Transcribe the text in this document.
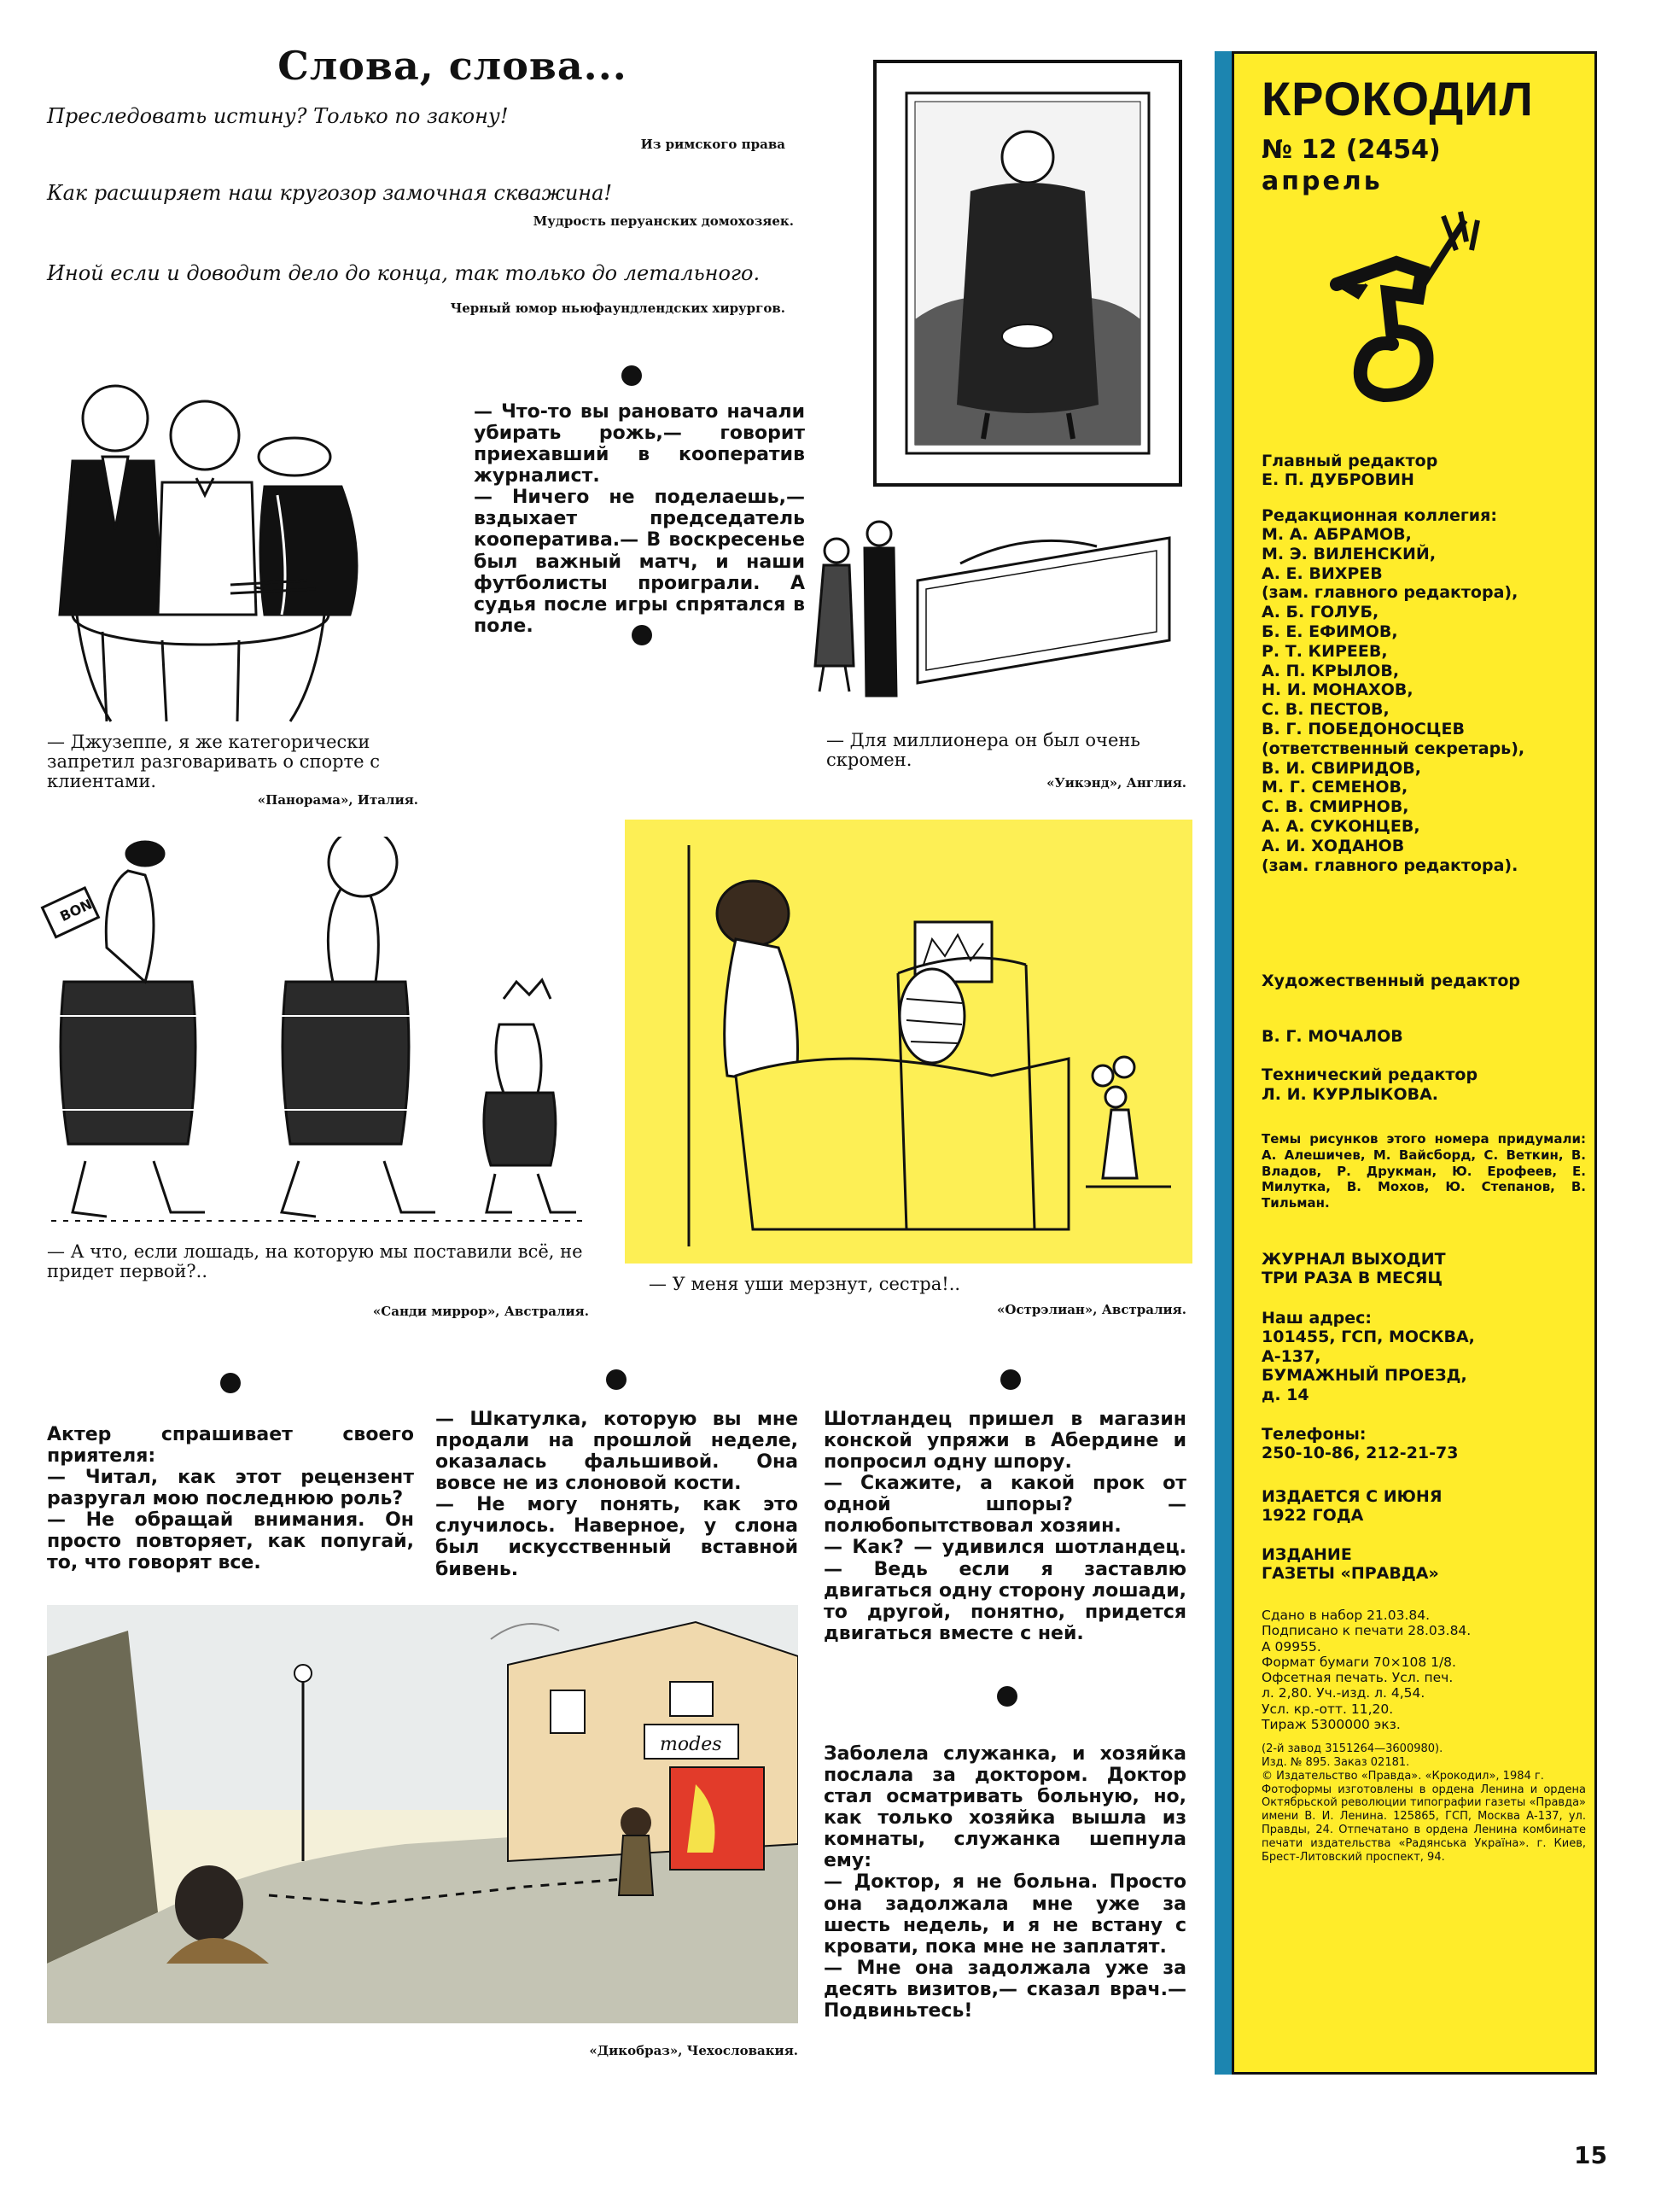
Слова, слова...
Преследовать истину? Только по закону!
Из римского права
Как расширяет наш кругозор замочная скважина!
Мудрость перуанских домохозяек.
Иной если и доводит дело до конца, так только до летального.
Черный юмор ньюфаундлендских хирургов.
— Джузеппе, я же категорически запретил разговаривать о спорте с клиентами.
«Панорама», Италия.
— Что-то вы рановато начали убирать рожь,— говорит приехавший в кооператив журналист.
— Ничего не поделаешь,— вздыхает председатель кооператива.— В воскресенье был важный матч, и наши футболисты проиграли. А судья после игры спрятался в поле.
— Для миллионера он был очень скромен.
«Уикэнд», Англия.
BON
— А что, если лошадь, на которую мы поставили всё, не придет первой?..
«Санди миррор», Австралия.
— У меня уши мерзнут, сестра!..
«Острэлиан», Австралия.
Актер спрашивает своего приятеля:
— Читал, как этот рецензент разругал мою последнюю роль?
— Не обращай внимания. Он просто повторяет, как попугай, то, что говорят все.
— Шкатулка, которую вы мне продали на прошлой неделе, оказалась фальшивой. Она вовсе не из слоновой кости.
— Не могу понять, как это случилось. Наверное, у слона был искусственный вставной бивень.
Шотландец пришел в магазин конской упряжи в Абердине и попросил одну шпору.
— Скажите, а какой прок от одной шпоры? — полюбопытствовал хозяин.
— Как? — удивился шотландец.— Ведь если я заставлю двигаться одну сторону лошади, то другой, понятно, придется двигаться вместе с ней.
modes
«Дикобраз», Чехословакия.
Заболела служанка, и хозяйка послала за доктором. Доктор стал осматривать больную, но, как только хозяйка вышла из комнаты, служанка шепнула ему:
— Доктор, я не больна. Просто она задолжала мне уже за шесть недель, и я не встану с кровати, пока мне не заплатят.
— Мне она задолжала уже за десять визитов,— сказал врач.— Подвиньтесь!
КРОКОДИЛ
№ 12 (2454)
апрель
Главный редактор
Е. П. ДУБРОВИН
Редакционная коллегия:
М. А. АБРАМОВ,
М. Э. ВИЛЕНСКИЙ,
А. Е. ВИХРЕВ
(зам. главного редактора),
А. Б. ГОЛУБ,
Б. Е. ЕФИМОВ,
Р. Т. КИРЕЕВ,
А. П. КРЫЛОВ,
Н. И. МОНАХОВ,
С. В. ПЕСТОВ,
В. Г. ПОБЕДОНОСЦЕВ
(ответственный секретарь),
В. И. СВИРИДОВ,
М. Г. СЕМЕНОВ,
С. В. СМИРНОВ,
А. А. СУКОНЦЕВ,
А. И. ХОДАНОВ
(зам. главного редактора).
Художественный редактор
В. Г. МОЧАЛОВ
Технический редактор
Л. И. КУРЛЫКОВА.
Темы рисунков этого номера придумали: А. Алешичев, М. Вайсборд, С. Веткин, В. Владов, Р. Друкман, Ю. Ерофеев, Е. Милутка, В. Мохов, Ю. Степанов, В. Тильман.
ЖУРНАЛ ВЫХОДИТ
ТРИ РАЗА В МЕСЯЦ
Наш адрес:
101455, ГСП, МОСКВА,
А-137,
БУМАЖНЫЙ ПРОЕЗД,
д. 14
Телефоны:
250-10-86, 212-21-73
ИЗДАЕТСЯ С ИЮНЯ
1922 ГОДА
ИЗДАНИЕ
ГАЗЕТЫ «ПРАВДА»
Сдано в набор 21.03.84.
Подписано к печати 28.03.84.
А 09955.
Формат бумаги 70×108 1/8.
Офсетная печать. Усл. печ.
л. 2,80. Уч.-изд. л. 4,54.
Усл. кр.-отт. 11,20.
Тираж 5300000 экз.
(2-й завод 3151264—3600980).
Изд. № 895. Заказ 02181.
© Издательство «Правда». «Крокодил», 1984 г.
Фотоформы изготовлены в ордена Ленина и ордена Октябрьской революции типографии газеты «Правда» имени В. И. Ленина. 125865, ГСП, Москва А-137, ул. Правды, 24. Отпечатано в ордена Ленина комбинате печати издательства «Радянська Україна». г. Киев, Брест-Литовский проспект, 94.
15
